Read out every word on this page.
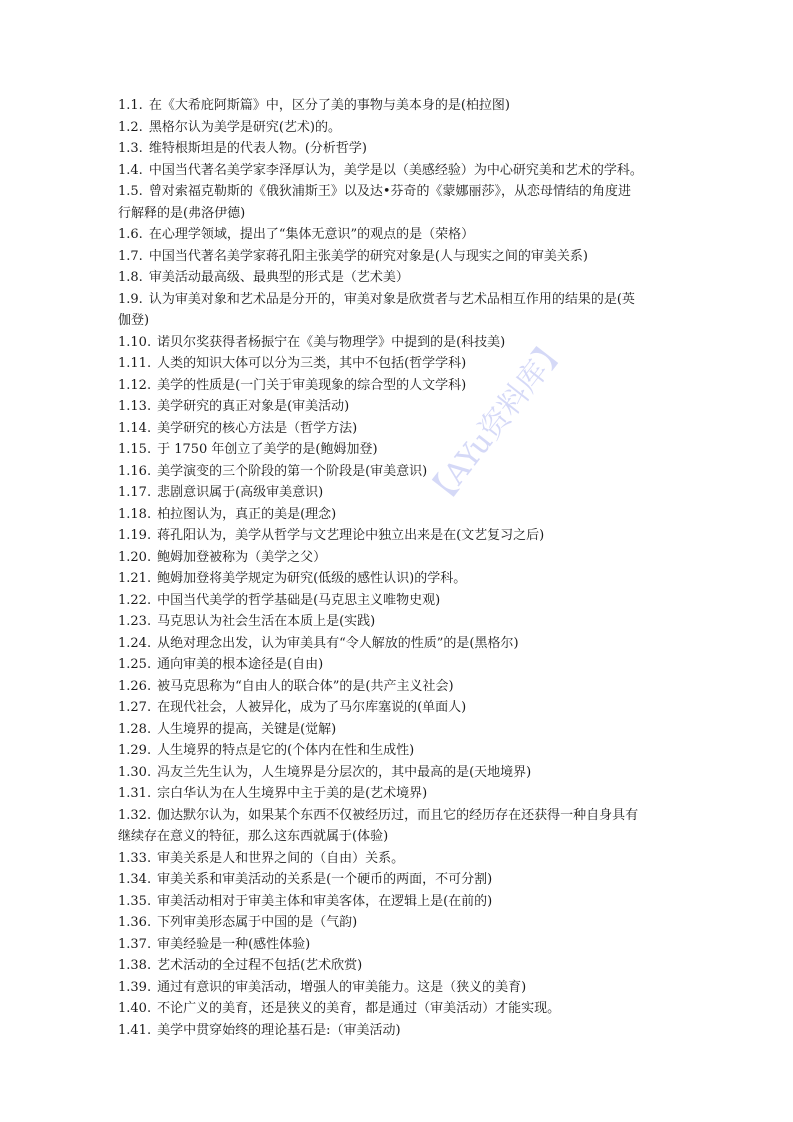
【AYu资料库】
1.1. 在《大希庇阿斯篇》中，区分了美的事物与美本身的是(柏拉图)
1.2. 黑格尔认为美学是研究(艺术)的。
1.3. 维特根斯坦是的代表人物。(分析哲学)
1.4. 中国当代著名美学家李泽厚认为，美学是以（美感经验）为中心研究美和艺术的学科。
1.5. 曾对索福克勒斯的《俄狄浦斯王》以及达•芬奇的《蒙娜丽莎》，从恋母情结的角度进
行解释的是(弗洛伊德)
1.6. 在心理学领域，提出了“集体无意识”的观点的是（荣格）
1.7. 中国当代著名美学家蒋孔阳主张美学的研究对象是(人与现实之间的审美关系)
1.8. 审美活动最高级、最典型的形式是（艺术美）
1.9. 认为审美对象和艺术品是分开的，审美对象是欣赏者与艺术品相互作用的结果的是(英
伽登)
1.10. 诺贝尔奖获得者杨振宁在《美与物理学》中提到的是(科技美)
1.11. 人类的知识大体可以分为三类，其中不包括(哲学学科)
1.12. 美学的性质是(一门关于审美现象的综合型的人文学科)
1.13. 美学研究的真正对象是(审美活动)
1.14. 美学研究的核心方法是（哲学方法)
1.15. 于 1750 年创立了美学的是(鲍姆加登)
1.16. 美学演变的三个阶段的第一个阶段是(审美意识)
1.17. 悲剧意识属于(高级审美意识)
1.18. 柏拉图认为，真正的美是(理念)
1.19. 蒋孔阳认为，美学从哲学与文艺理论中独立出来是在(文艺复习之后)
1.20. 鲍姆加登被称为（美学之父）
1.21. 鲍姆加登将美学规定为研究(低级的感性认识)的学科。
1.22. 中国当代美学的哲学基础是(马克思主义唯物史观)
1.23. 马克思认为社会生活在本质上是(实践)
1.24. 从绝对理念出发，认为审美具有“令人解放的性质”的是(黑格尔)
1.25. 通向审美的根本途径是(自由)
1.26. 被马克思称为“自由人的联合体”的是(共产主义社会)
1.27. 在现代社会，人被异化，成为了马尔库塞说的(单面人)
1.28. 人生境界的提高，关键是(觉解)
1.29. 人生境界的特点是它的(个体内在性和生成性)
1.30. 冯友兰先生认为，人生境界是分层次的，其中最高的是(天地境界)
1.31. 宗白华认为在人生境界中主于美的是(艺术境界)
1.32. 伽达默尔认为，如果某个东西不仅被经历过，而且它的经历存在还获得一种自身具有
继续存在意义的特征，那么这东西就属于(体验)
1.33. 审美关系是人和世界之间的（自由）关系。
1.34. 审美关系和审美活动的关系是(一个硬币的两面，不可分割)
1.35. 审美活动相对于审美主体和审美客体，在逻辑上是(在前的)
1.36. 下列审美形态属于中国的是（气韵)
1.37. 审美经验是一种(感性体验)
1.38. 艺术活动的全过程不包括(艺术欣赏)
1.39. 通过有意识的审美活动，增强人的审美能力。这是（狭义的美育)
1.40. 不论广义的美育，还是狭义的美育，都是通过（审美活动）才能实现。
1.41. 美学中贯穿始终的理论基石是:（审美活动)
